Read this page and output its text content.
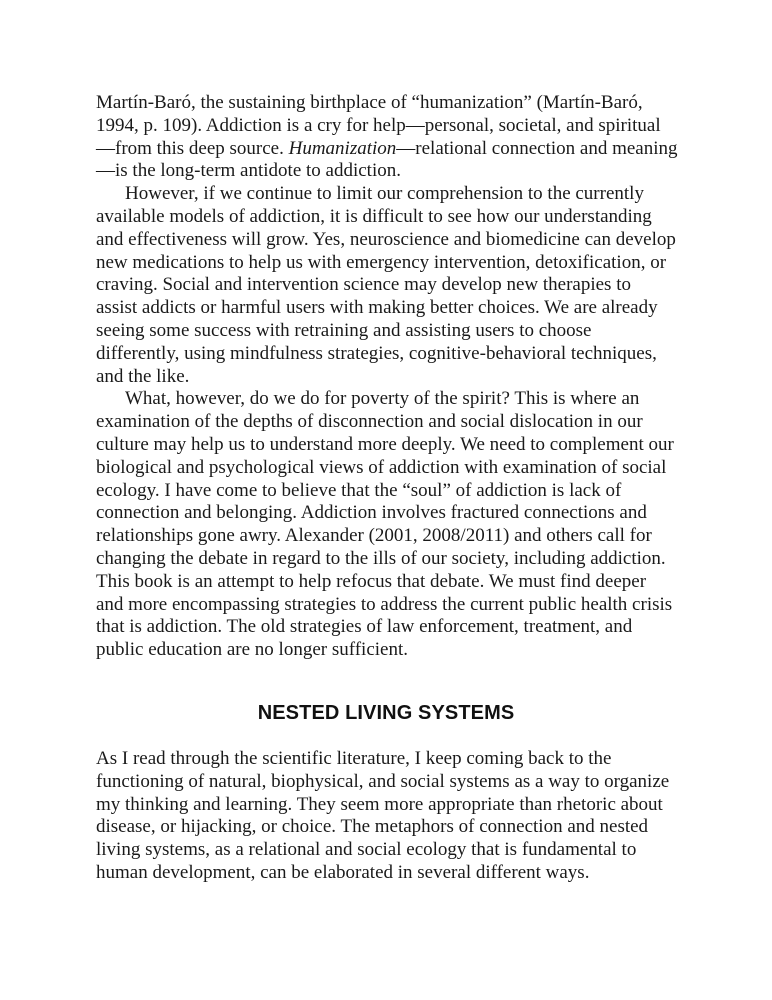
Martín-Baró, the sustaining birthplace of “humanization” (Martín-Baró,
1994, p. 109). Addiction is a cry for help—personal, societal, and spiritual
—from this deep source. Humanization—relational connection and meaning
—is the long-term antidote to addiction.
However, if we continue to limit our comprehension to the currently
available models of addiction, it is difficult to see how our understanding
and effectiveness will grow. Yes, neuroscience and biomedicine can develop
new medications to help us with emergency intervention, detoxification, or
craving. Social and intervention science may develop new therapies to
assist addicts or harmful users with making better choices. We are already
seeing some success with retraining and assisting users to choose
differently, using mindfulness strategies, cognitive-behavioral techniques,
and the like.
What, however, do we do for poverty of the spirit? This is where an
examination of the depths of disconnection and social dislocation in our
culture may help us to understand more deeply. We need to complement our
biological and psychological views of addiction with examination of social
ecology. I have come to believe that the “soul” of addiction is lack of
connection and belonging. Addiction involves fractured connections and
relationships gone awry. Alexander (2001, 2008/2011) and others call for
changing the debate in regard to the ills of our society, including addiction.
This book is an attempt to help refocus that debate. We must find deeper
and more encompassing strategies to address the current public health crisis
that is addiction. The old strategies of law enforcement, treatment, and
public education are no longer sufficient.
NESTED LIVING SYSTEMS
As I read through the scientific literature, I keep coming back to the
functioning of natural, biophysical, and social systems as a way to organize
my thinking and learning. They seem more appropriate than rhetoric about
disease, or hijacking, or choice. The metaphors of connection and nested
living systems, as a relational and social ecology that is fundamental to
human development, can be elaborated in several different ways.
